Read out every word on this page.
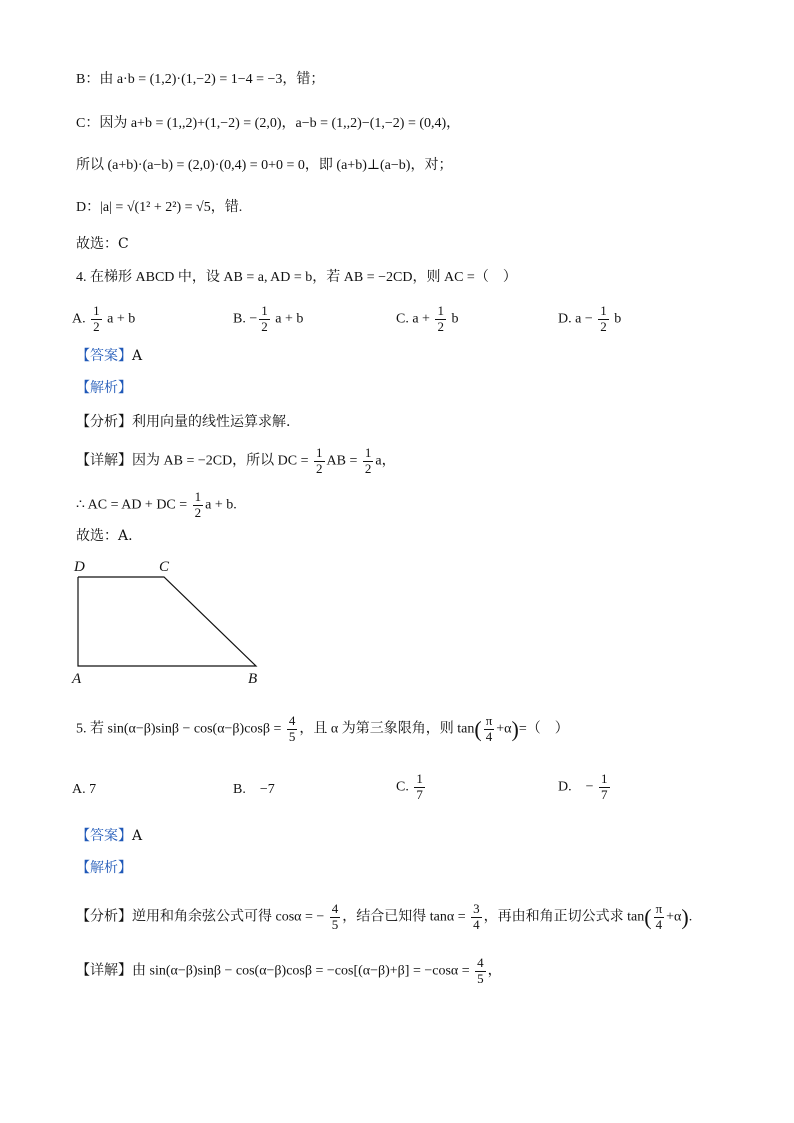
B：由 a·b = (1,2)·(1,−2) = 1−4 = −3，错；
C：因为 a+b = (1,,2)+(1,−2) = (2,0)，a−b = (1,,2)−(1,−2) = (0,4)，
所以 (a+b)·(a−b) = (2,0)·(0,4) = 0+0 = 0，即 (a+b)⊥(a−b)，对；
D：|a| = √(1² + 2²) = √5，错.
故选：C
4. 在梯形 ABCD 中，设 AB = a, AD = b，若 AB = −2CD，则 AC =（　）
A. $\frac{1}{2}$ a + b	B. − $\frac{1}{2}$ a + b	C. $a + \frac{1}{2}$ b	D. $a - \frac{1}{2}$ b
【答案】A
【解析】
【分析】利用向量的线性运算求解.
【详解】因为 AB = −2CD，所以 DC = $\frac{1}{2}$ AB = $\frac{1}{2}$ a，
∴ AC = AD + DC = $\frac{1}{2}$ a + b.
故选：A.
D	C
A	B
5. 若 $\sin(\alpha-\beta)\sin\beta - \cos(\alpha-\beta)\cos\beta = \frac{4}{5}$ ，且 α 为第三象限角，则 $\tan( \frac{\pi}{4} +\alpha)=$（　）
A. 7	B.　−7	C. $\frac{1}{7}$	D.　− $\frac{1}{7}$
【答案】A
【解析】
【分析】逆用和角余弦公式可得 cosα = − $\frac{4}{5}$ ，结合已知得 $\tan\alpha = \frac{3}{4}$ ，再由和角正切公式求 $\tan( \frac{\pi}{4} +\alpha)$.
【详解】由 $\sin(\alpha-\beta)\sin\beta - \cos(\alpha-\beta)\cos\beta = -\cos[(\alpha-\beta)+\beta] = -\cos\alpha = \frac{4}{5}$ ，
